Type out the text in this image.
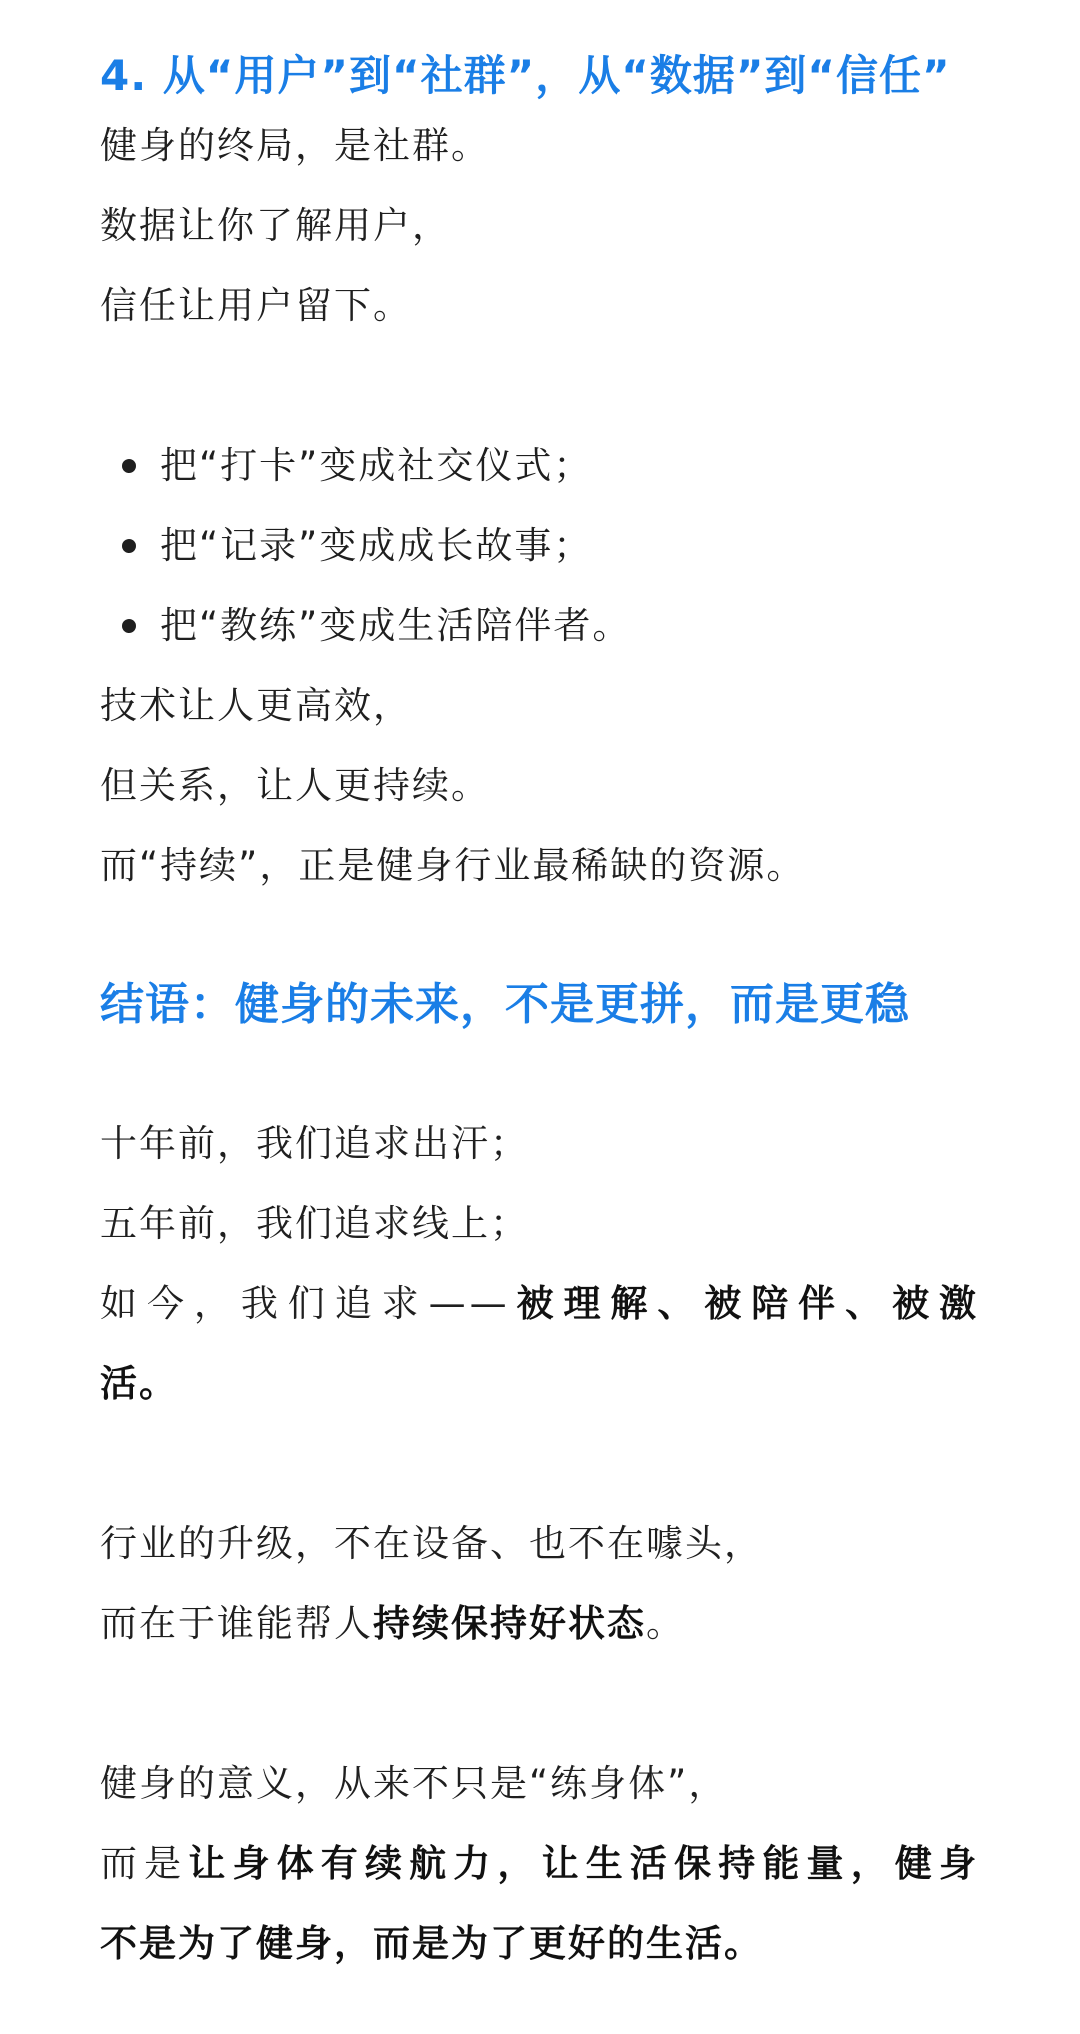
4. 从“用户”到“社群”，从“数据”到“信任”

健身的终局，是社群。

数据让你了解用户，

信任让用户留下。

把“打卡”变成社交仪式；
把“记录”变成成长故事；
把“教练”变成生活陪伴者。

技术让人更高效，

但关系，让人更持续。

而“持续”，正是健身行业最稀缺的资源。

结语：健身的未来，不是更拼，而是更稳

十年前，我们追求出汗；

五年前，我们追求线上；

如今，我们追求——被理解、被陪伴、被激

活。

行业的升级，不在设备、也不在噱头，

而在于谁能帮人持续保持好状态。

健身的意义，从来不只是“练身体”，

而是让身体有续航力，让生活保持能量，健身

不是为了健身，而是为了更好的生活。
